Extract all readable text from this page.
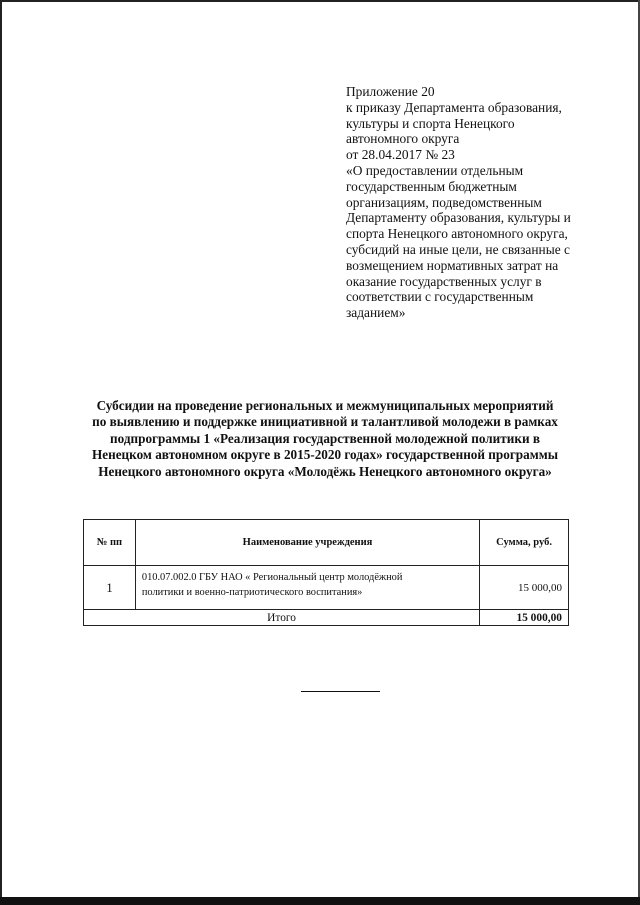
Приложение 20
к приказу Департамента образования,
культуры и спорта Ненецкого
автономного округа
от 28.04.2017 № 23
«О предоставлении отдельным
государственным бюджетным
организациям, подведомственным
Департаменту образования, культуры и
спорта Ненецкого автономного округа,
субсидий на иные цели, не связанные с
возмещением нормативных затрат на
оказание государственных услуг в
соответствии с государственным
заданием»
Субсидии на проведение региональных и межмуниципальных мероприятий
по выявлению и поддержке инициативной и талантливой молодежи в рамках
подпрограммы 1 «Реализация государственной молодежной политики в
Ненецком автономном округе в 2015-2020 годах» государственной программы
Ненецкого автономного округа «Молодёжь Ненецкого автономного округа»
№ пп	Наименование учреждения	Сумма, руб.
1	010.07.002.0 ГБУ НАО « Региональный центр молодёжной
политики и военно-патриотического воспитания»	15 000,00
Итого		15 000,00
